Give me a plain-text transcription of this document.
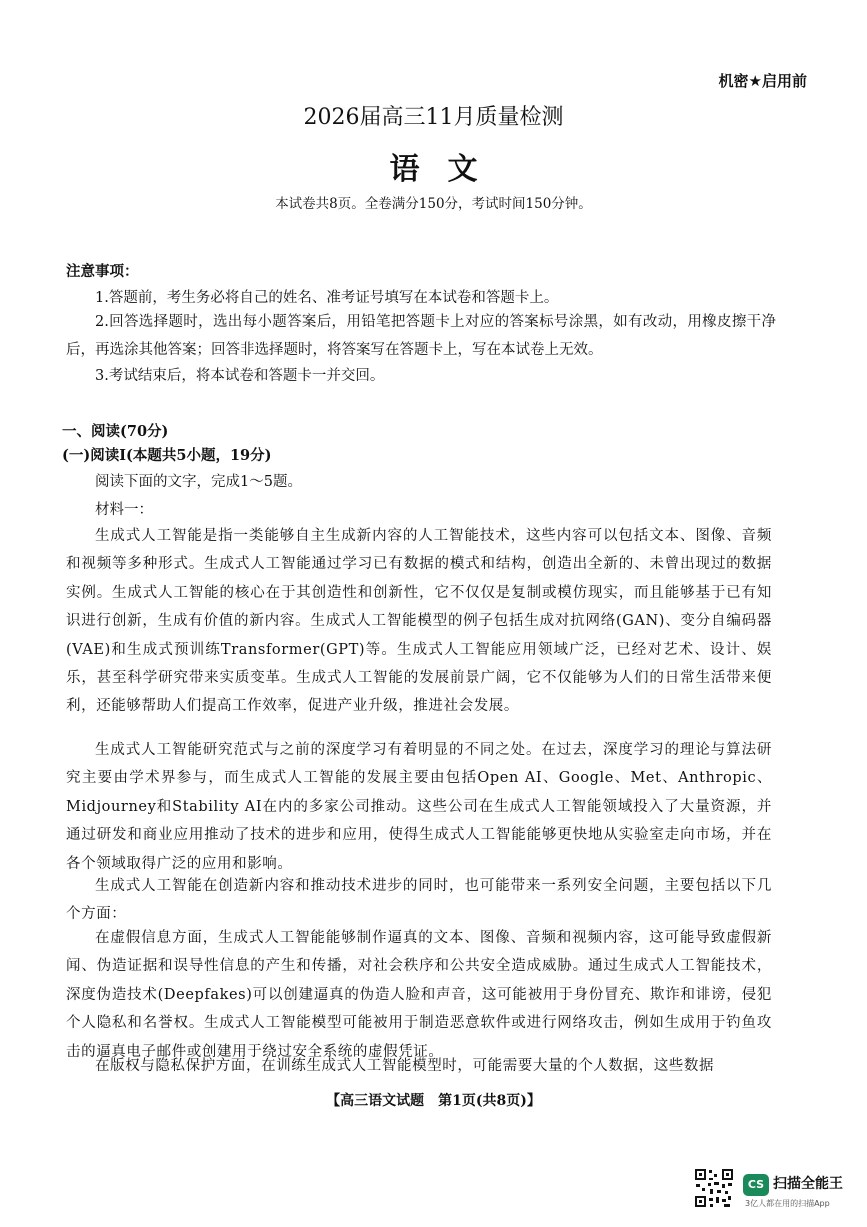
机密★启用前
2026届高三11月质量检测
语文
本试卷共8页。全卷满分150分，考试时间150分钟。
注意事项：
1.答题前，考生务必将自己的姓名、准考证号填写在本试卷和答题卡上。
2.回答选择题时，选出每小题答案后，用铅笔把答题卡上对应的答案标号涂黑，如有改动，用橡皮擦干净后，再选涂其他答案；回答非选择题时，将答案写在答题卡上，写在本试卷上无效。
3.考试结束后，将本试卷和答题卡一并交回。
一、阅读(70分)
(一)阅读Ⅰ(本题共5小题，19分)
阅读下面的文字，完成1～5题。
材料一：
生成式人工智能是指一类能够自主生成新内容的人工智能技术，这些内容可以包括文本、图像、音频和视频等多种形式。生成式人工智能通过学习已有数据的模式和结构，创造出全新的、未曾出现过的数据实例。生成式人工智能的核心在于其创造性和创新性，它不仅仅是复制或模仿现实，而且能够基于已有知识进行创新，生成有价值的新内容。生成式人工智能模型的例子包括生成对抗网络(GAN)、变分自编码器(VAE)和生成式预训练Transformer(GPT)等。生成式人工智能应用领域广泛，已经对艺术、设计、娱乐，甚至科学研究带来实质变革。生成式人工智能的发展前景广阔，它不仅能够为人们的日常生活带来便利，还能够帮助人们提高工作效率，促进产业升级，推进社会发展。
生成式人工智能研究范式与之前的深度学习有着明显的不同之处。在过去，深度学习的理论与算法研究主要由学术界参与，而生成式人工智能的发展主要由包括Open AI、Google、Met、Anthropic、Midjourney和Stability AI在内的多家公司推动。这些公司在生成式人工智能领域投入了大量资源，并通过研发和商业应用推动了技术的进步和应用，使得生成式人工智能能够更快地从实验室走向市场，并在各个领域取得广泛的应用和影响。
生成式人工智能在创造新内容和推动技术进步的同时，也可能带来一系列安全问题，主要包括以下几个方面：
在虚假信息方面，生成式人工智能能够制作逼真的文本、图像、音频和视频内容，这可能导致虚假新闻、伪造证据和误导性信息的产生和传播，对社会秩序和公共安全造成威胁。通过生成式人工智能技术，深度伪造技术(Deepfakes)可以创建逼真的伪造人脸和声音，这可能被用于身份冒充、欺诈和诽谤，侵犯个人隐私和名誉权。生成式人工智能模型可能被用于制造恶意软件或进行网络攻击，例如生成用于钓鱼攻击的逼真电子邮件或创建用于绕过安全系统的虚假凭证。
在版权与隐私保护方面，在训练生成式人工智能模型时，可能需要大量的个人数据，这些数据
【高三语文试题　第1页(共8页)】
CS 扫描全能王
3亿人都在用的扫描App
